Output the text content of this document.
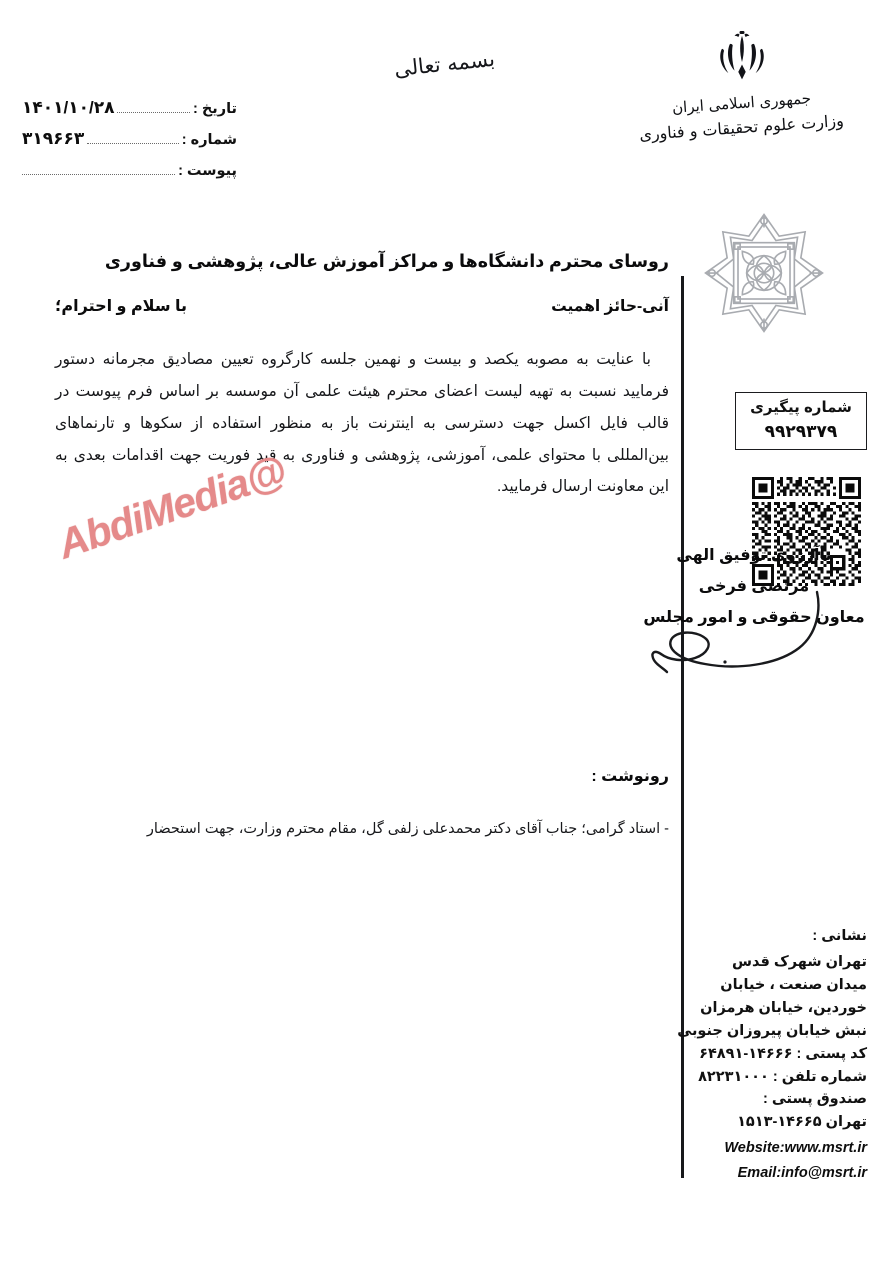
بسمه تعالی
تاریخ :
۱۴۰۱/۱۰/۲۸
شماره :
۳۱۹۶۶۳
پیوست :
جمهوری اسلامی ایران
وزارت علوم تحقیقات و فناوری
شماره پیگیری
۹۹۲۹۳۷۹
روسای محترم دانشگاه‌ها و مراکز آموزش عالی، پژوهشی و فناوری
با سلام و احترام؛	آنی-حائز اهمیت
با عنایت به مصوبه یکصد و بیست و نهمین جلسه کارگروه تعیین مصادیق مجرمانه دستور فرمایید نسبت به تهیه لیست اعضای محترم هیئت علمی آن موسسه بر اساس فرم پیوست در قالب فایل اکسل جهت دسترسی به اینترنت باز به منظور استفاده از سکوها و تارنماهای بین‌المللی با محتوای علمی، آموزشی، پژوهشی و فناوری به قید فوریت جهت اقدامات بعدی به این معاونت ارسال فرمایید.
باآرزوی توفیق الهی
مرتضی فرخی
معاون حقوقی و امور مجلس
@AbdiMedia
رونوشت :
- استاد گرامی؛ جناب آقای دکتر محمدعلی زلفی گل، مقام محترم وزارت، جهت استحضار
نشانی :
تهران شهرک قدس
میدان صنعت ، خیابان
خوردین، خیابان هرمزان
نبش خیابان پیروزان جنوبی
کد پستی : ۱۴۶۶۶-۶۴۸۹۱
شماره تلفن : ۸۲۲۳۱۰۰۰
صندوق پستی :
تهران ۱۴۶۶۵-۱۵۱۳
Website:www.msrt.ir
Email:info@msrt.ir
